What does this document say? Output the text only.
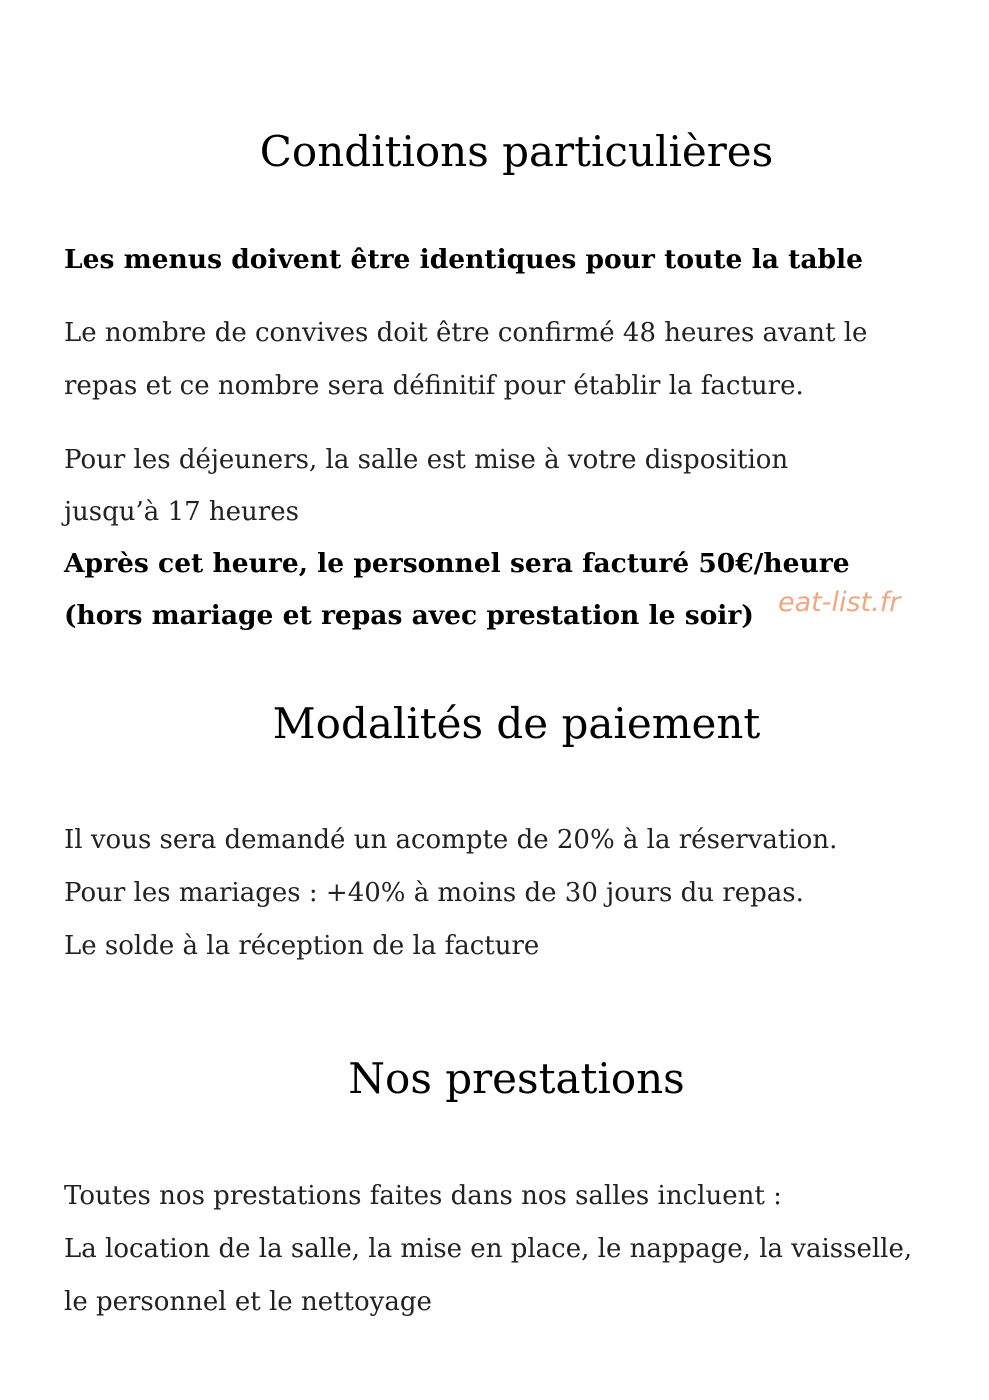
Conditions particulières
Les menus doivent être identiques pour toute la table
Le nombre de convives doit être confirmé 48 heures avant le
repas et ce nombre sera définitif pour établir la facture.
Pour les déjeuners, la salle est mise à votre disposition
jusqu’à 17 heures
Après cet heure, le personnel sera facturé 50€/heure
(hors mariage et repas avec prestation le soir) eat-list.fr
Modalités de paiement
Il vous sera demandé un acompte de 20% à la réservation.
Pour les mariages : +40% à moins de 30 jours du repas.
Le solde à la réception de la facture
Nos prestations
Toutes nos prestations faites dans nos salles incluent :
La location de la salle, la mise en place, le nappage, la vaisselle,
le personnel et le nettoyage
